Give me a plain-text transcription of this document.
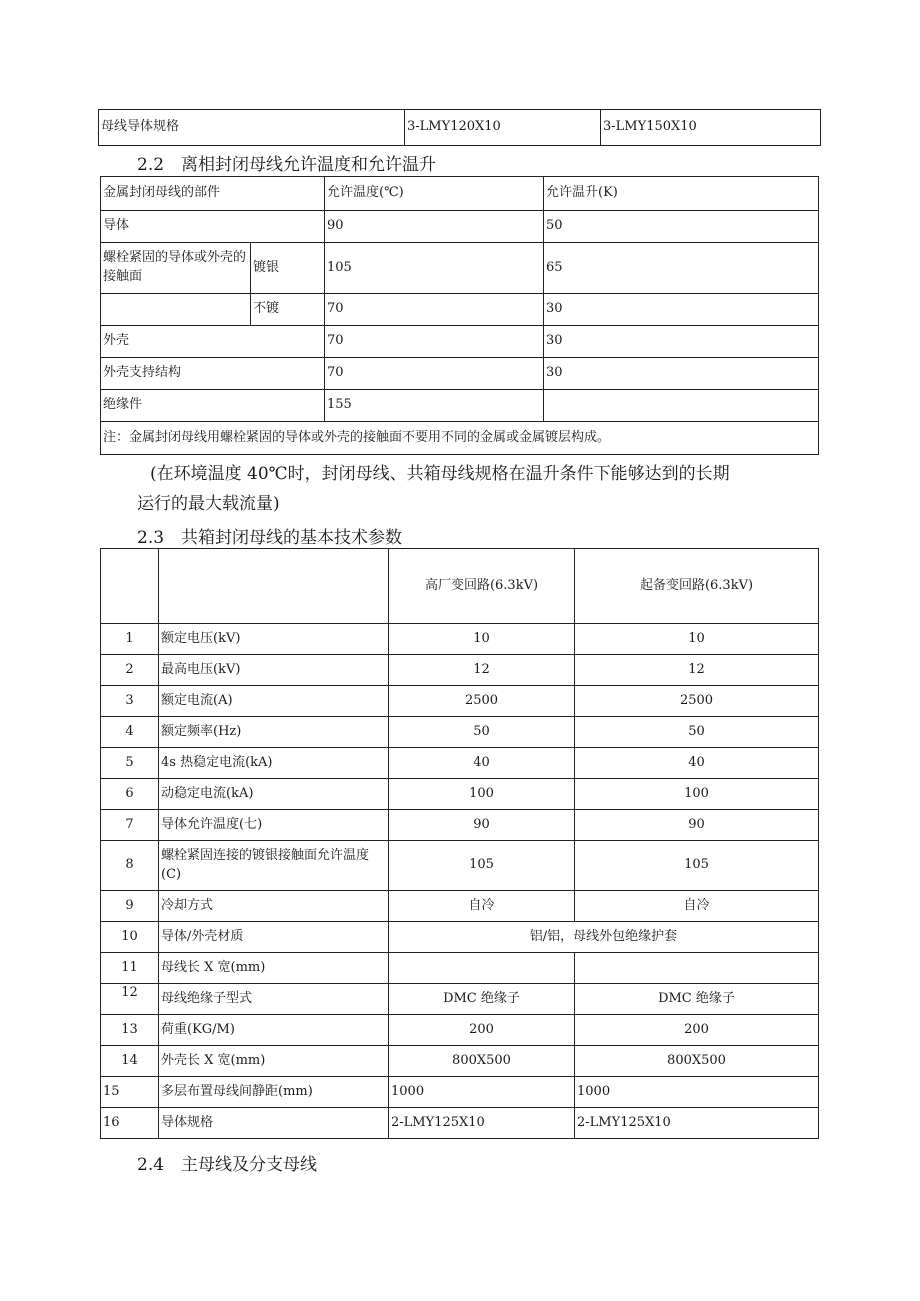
母线导体规格	3-LMY120X10	3-LMY150X10
2.2　离相封闭母线允许温度和允许温升
金属封闭母线的部件		允许温度(℃)	允许温升(K)
导体		90	50
螺栓紧固的导体或外壳的接触面	镀银	105	65
	不镀	70	30
外壳		70	30
外壳支持结构		70	30
绝缘件		155	
注：金属封闭母线用螺栓紧固的导体或外壳的接触面不要用不同的金属或金属镀层构成。			
(在环境温度 40℃时，封闭母线、共箱母线规格在温升条件下能够达到的长期
运行的最大载流量)
2.3　共箱封闭母线的基本技术参数
		高厂变回路(6.3kV)	起备变回路(6.3kV)
1	额定电压(kV)	10	10
2	最高电压(kV)	12	12
3	额定电流(A)	2500	2500
4	额定频率(Hz)	50	50
5	4s 热稳定电流(kA)	40	40
6	动稳定电流(kA)	100	100
7	导体允许温度(七)	90	90
8	螺栓紧固连接的镀银接触面允许温度(C)	105	105
9	冷却方式	自冷	自冷
10	导体/外壳材质	铝/铝，母线外包绝缘护套	
11	母线长 X 宽(mm)		
12	母线绝缘子型式	DMC 绝缘子	DMC 绝缘子
13	荷重(KG/M)	200	200
14	外壳长 X 宽(mm)	800X500	800X500
15	多层布置母线间静距(mm)	1000	1000
16	导体规格	2-LMY125X10	2-LMY125X10
2.4　主母线及分支母线
